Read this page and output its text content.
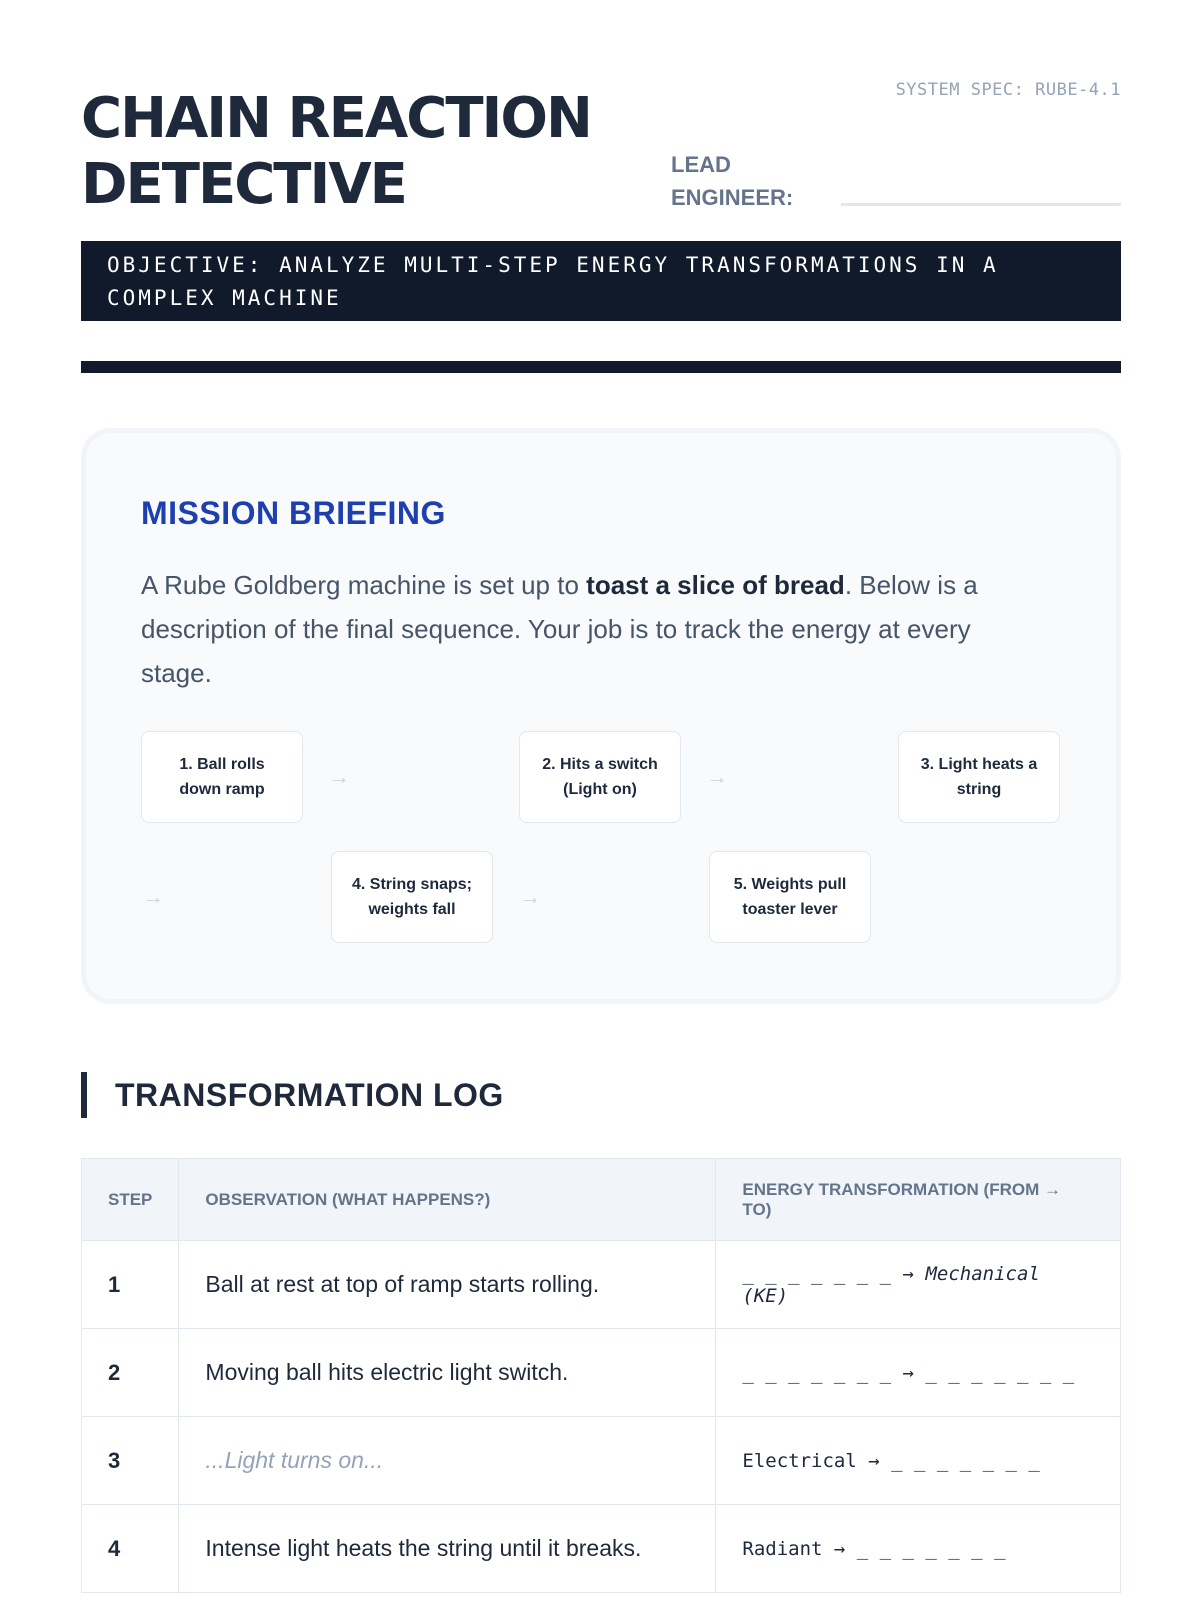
CHAIN REACTION
DETECTIVE
SYSTEM SPEC: RUBE-4.1
LEAD
ENGINEER:
OBJECTIVE: ANALYZE MULTI-STEP ENERGY TRANSFORMATIONS IN A
COMPLEX MACHINE
MISSION BRIEFING

A Rube Goldberg machine is set up to toast a slice of bread. Below is a description of the final sequence. Your job is to track the energy at every stage.

1. Ball rolls
down ramp
→	2. Hits a switch
(Light on)
→	3. Light heats a
string
→	4. String snaps;
weights fall
→	5. Weights pull
toaster lever
TRANSFORMATION LOG
STEP	OBSERVATION (WHAT HAPPENS?)	ENERGY TRANSFORMATION (FROM → TO)
1	Ball at rest at top of ramp starts rolling.	_ _ _ _ _ _ _ → Mechanical (KE)
2	Moving ball hits electric light switch.	_ _ _ _ _ _ _ → _ _ _ _ _ _ _
3	...Light turns on...	Electrical → _ _ _ _ _ _ _
4	Intense light heats the string until it breaks.	Radiant → _ _ _ _ _ _ _
